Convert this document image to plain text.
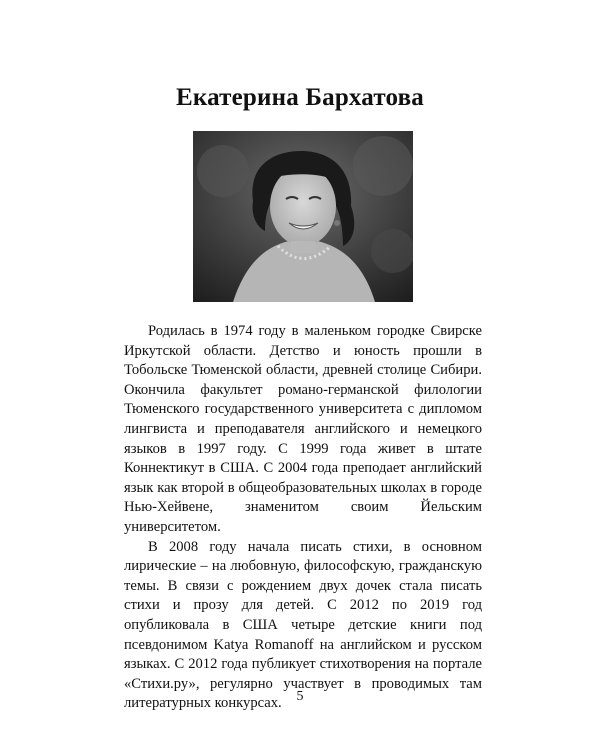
Екатерина Бархатова

Родилась в 1974 году в маленьком городке Свирске Иркутской области. Детство и юность прошли в Тобольске Тюменской области, древней столице Сибири. Окончила факультет романо-германской филологии Тюменского государственного университета с дипломом лингвиста и преподавателя английского и немецкого языков в 1997 году. С 1999 года живет в штате Коннектикут в США. С 2004 года преподает английский язык как второй в общеобразовательных школах в городе Нью-Хейвене, знаменитом своим Йельским университетом.

В 2008 году начала писать стихи, в основном лирические – на любовную, философскую, гражданскую темы. В связи с рождением двух дочек стала писать стихи и прозу для детей. С 2012 по 2019 год опубликовала в США четыре детские книги под псевдонимом Katya Romanoff на английском и русском языках. С 2012 года публикует стихотворения на портале «Стихи.ру», регулярно участвует в проводимых там литературных конкурсах.	5
